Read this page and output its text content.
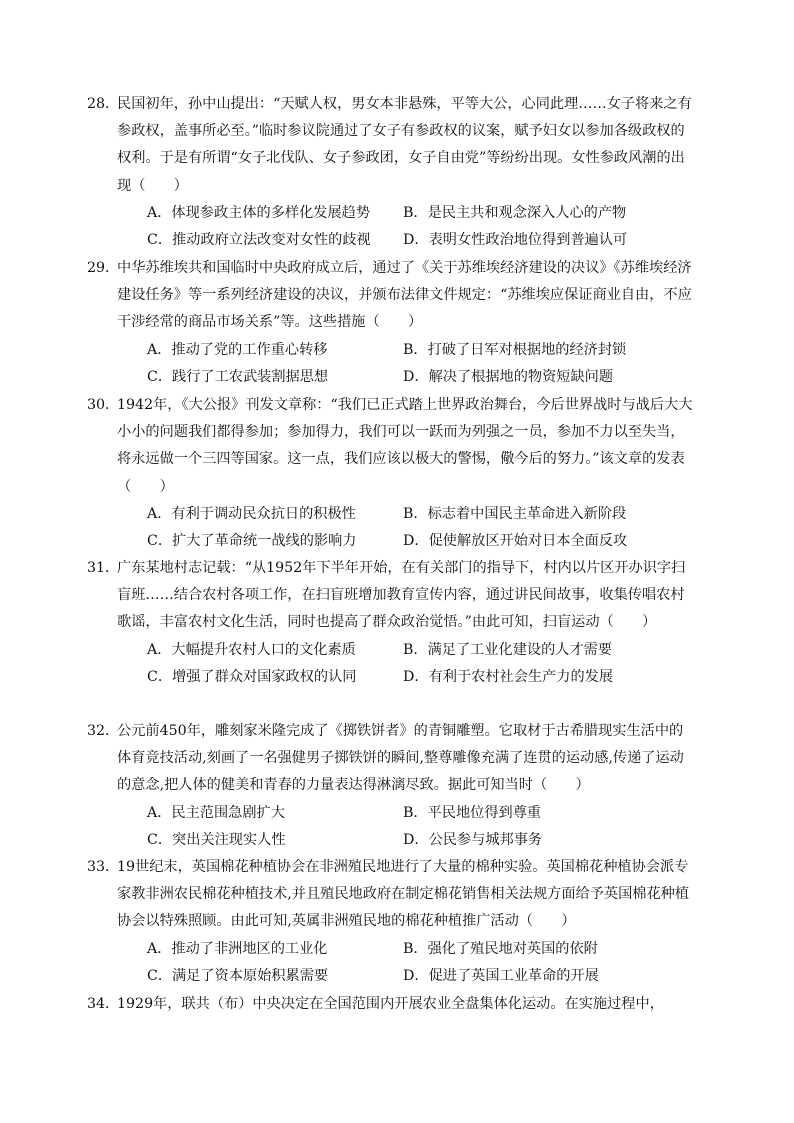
28．民国初年，孙中山提出：“天赋人权，男女本非悬殊，平等大公，心同此理……女子将来之有参政权，盖事所必至。”临时参议院通过了女子有参政权的议案，赋予妇女以参加各级政权的权利。于是有所谓“女子北伐队、女子参政团，女子自由党”等纷纷出现。女性参政风潮的出现（　　）

A．体现参政主体的多样化发展趋势	B．是民主共和观念深入人心的产物
C．推动政府立法改变对女性的歧视	D．表明女性政治地位得到普遍认可

29．中华苏维埃共和国临时中央政府成立后，通过了《关于苏维埃经济建设的决议》《苏维埃经济建设任务》等一系列经济建设的决议，并颁布法律文件规定：“苏维埃应保证商业自由，不应干涉经常的商品市场关系”等。这些措施（　　）

A．推动了党的工作重心转移	B．打破了日军对根据地的经济封锁
C．践行了工农武装割据思想	D．解决了根据地的物资短缺问题

30．1942年，《大公报》刊发文章称：“我们已正式踏上世界政治舞台，今后世界战时与战后大大小小的问题我们都得参加；参加得力，我们可以一跃而为列强之一员，参加不力以至失当，将永远做一个三四等国家。这一点，我们应该以极大的警惕，儆今后的努力。”该文章的发表（　　）

A．有利于调动民众抗日的积极性	B．标志着中国民主革命进入新阶段
C．扩大了革命统一战线的影响力	D．促使解放区开始对日本全面反攻

31．广东某地村志记载：“从1952年下半年开始，在有关部门的指导下，村内以片区开办识字扫盲班……结合农村各项工作，在扫盲班增加教育宣传内容，通过讲民间故事，收集传唱农村歌谣，丰富农村文化生活，同时也提高了群众政治觉悟。”由此可知，扫盲运动（　　）

A．大幅提升农村人口的文化素质	B．满足了工业化建设的人才需要
C．增强了群众对国家政权的认同	D．有利于农村社会生产力的发展

32．公元前450年，雕刻家米隆完成了《掷铁饼者》的青铜雕塑。它取材于古希腊现实生活中的体育竞技活动,刻画了一名强健男子掷铁饼的瞬间,整尊雕像充满了连贯的运动感,传递了运动的意念,把人体的健美和青春的力量表达得淋漓尽致。据此可知当时（　　）

A．民主范围急剧扩大	B．平民地位得到尊重
C．突出关注现实人性	D．公民参与城邦事务

33．19世纪末，英国棉花种植协会在非洲殖民地进行了大量的棉种实验。英国棉花种植协会派专家教非洲农民棉花种植技术,并且殖民地政府在制定棉花销售相关法规方面给予英国棉花种植协会以特殊照顾。由此可知,英属非洲殖民地的棉花种植推广活动（　　）

A．推动了非洲地区的工业化	B．强化了殖民地对英国的依附
C．满足了资本原始积累需要	D．促进了英国工业革命的开展

34．1929年，联共（布）中央决定在全国范围内开展农业全盘集体化运动。在实施过程中，
